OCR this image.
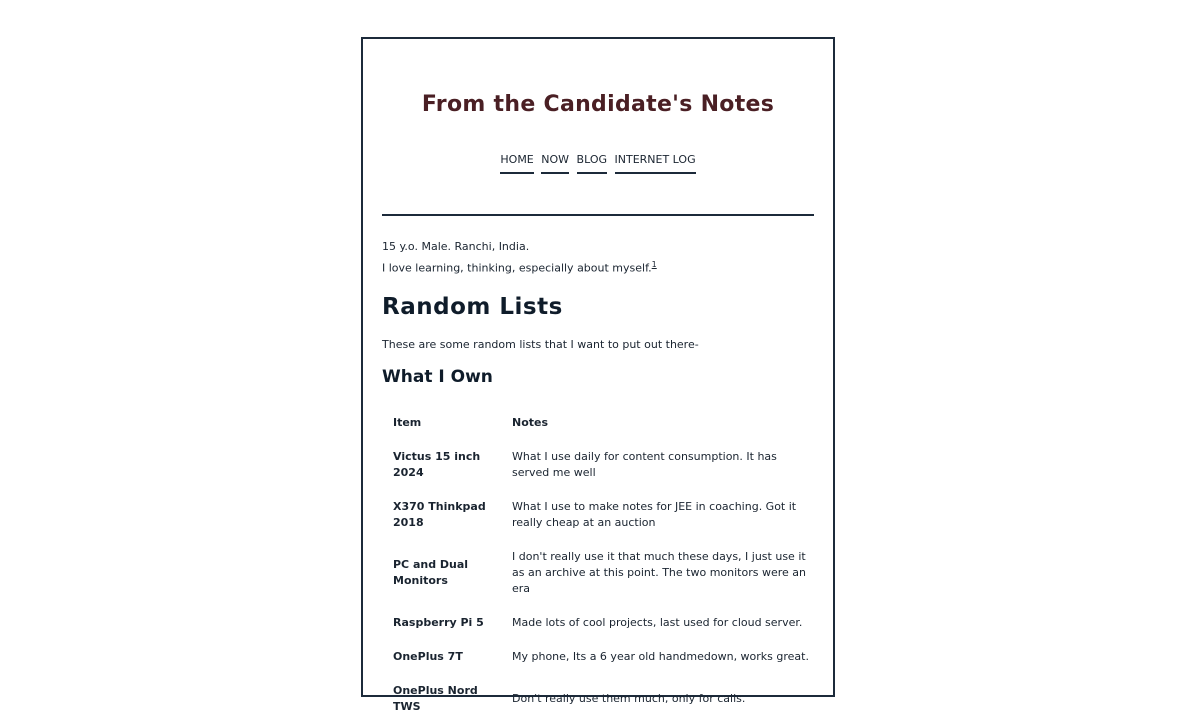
From the Candidate's Notes
HOME NOW BLOG INTERNET LOG
15 y.o. Male. Ranchi, India.
I love learning, thinking, especially about myself.$^1$
Random Lists
These are some random lists that I want to put out there-
What I Own
Item	Notes
Victus 15 inch 2024	What I use daily for content consumption. It has served me well
X370 Thinkpad 2018	What I use to make notes for JEE in coaching. Got it really cheap at an auction
PC and Dual Monitors	I don't really use it that much these days, I just use it as an archive at this point. The two monitors were an era
Raspberry Pi 5	Made lots of cool projects, last used for cloud server.
OnePlus 7T	My phone, Its a 6 year old handmedown, works great.
OnePlus Nord TWS	Don't really use them much, only for calls.
